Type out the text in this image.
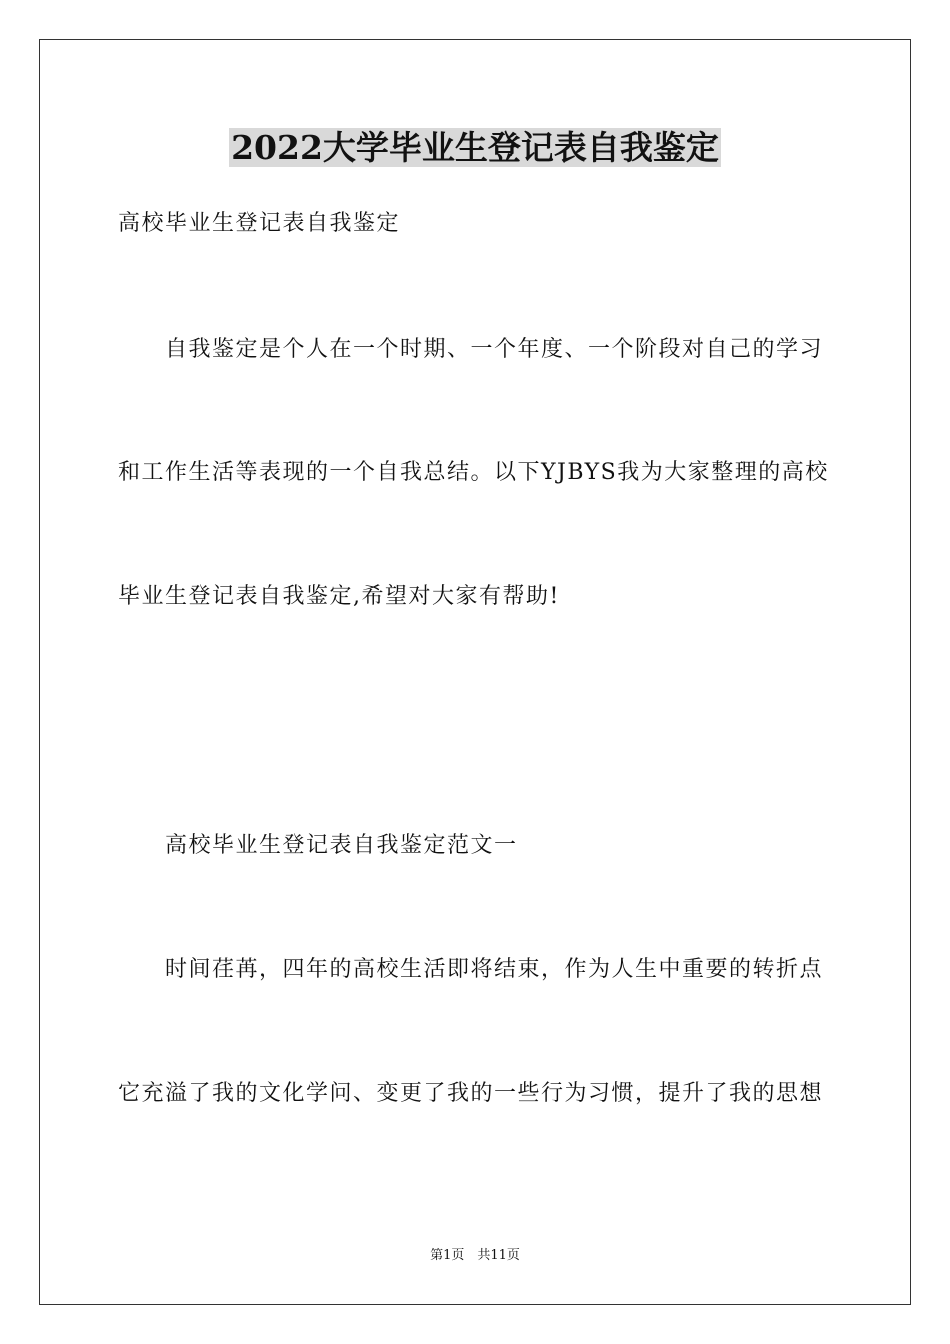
2022大学毕业生登记表自我鉴定
高校毕业生登记表自我鉴定
自我鉴定是个人在一个时期、一个年度、一个阶段对自己的学习
和工作生活等表现的一个自我总结。以下YJBYS我为大家整理的高校
毕业生登记表自我鉴定,希望对大家有帮助!
高校毕业生登记表自我鉴定范文一
时间荏苒，四年的高校生活即将结束，作为人生中重要的转折点
它充溢了我的文化学问、变更了我的一些行为习惯，提升了我的思想
第1页　共11页
